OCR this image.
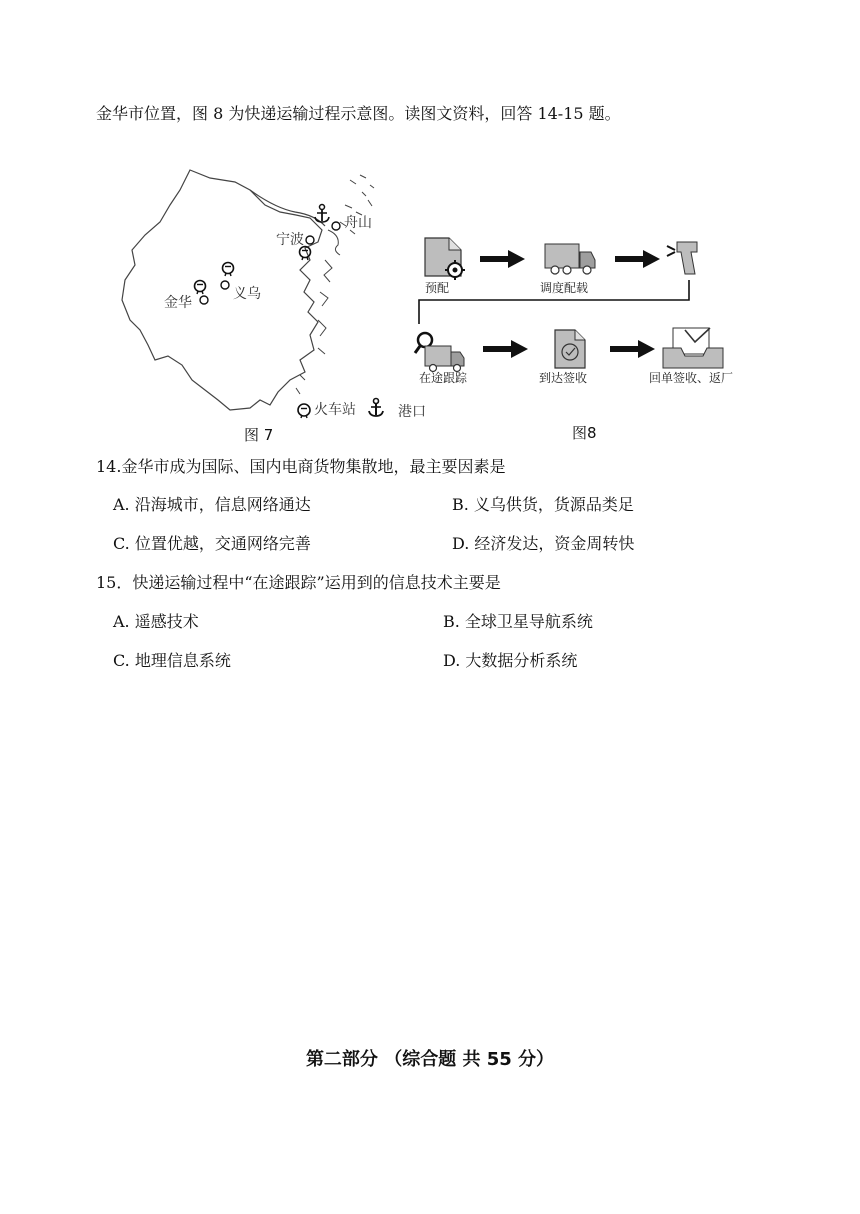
金华市位置，图 8 为快递运输过程示意图。读图文资料，回答 14-15 题。
舟山
宁波
义乌
金华
火车站	港口
图 7
预配	调度配载
在途跟踪	到达签收	回单签收、返厂
图8
14.金华市成为国际、国内电商货物集散地，最主要因素是
A. 沿海城市，信息网络通达	B. 义乌供货，货源品类足
C. 位置优越，交通网络完善	D. 经济发达，资金周转快
15．快递运输过程中“在途跟踪”运用到的信息技术主要是
A. 遥感技术	B. 全球卫星导航系统
C. 地理信息系统	D. 大数据分析系统
第二部分 （综合题 共 55 分）
